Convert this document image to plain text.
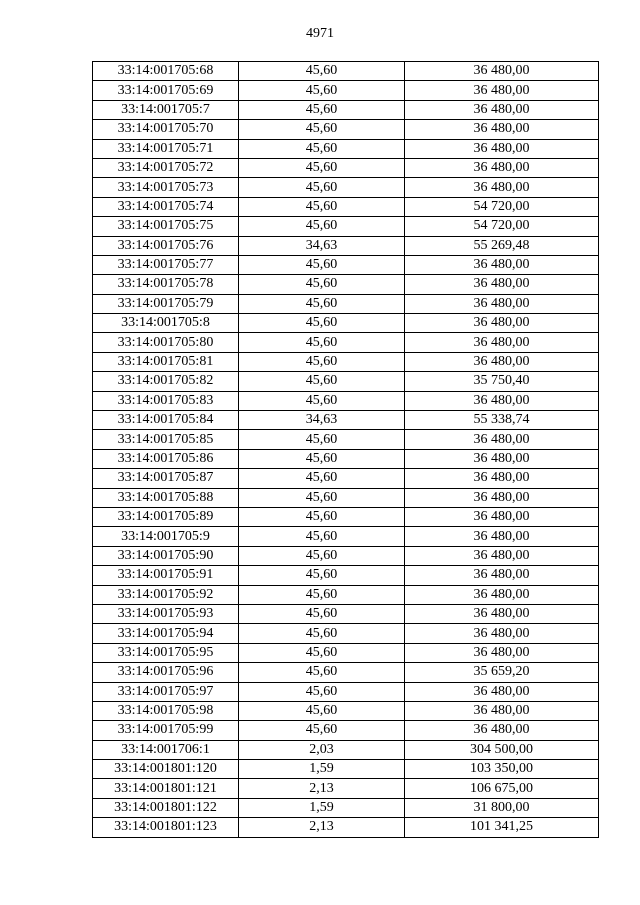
4971
33:14:001705:68	45,60	36 480,00
33:14:001705:69	45,60	36 480,00
33:14:001705:7	45,60	36 480,00
33:14:001705:70	45,60	36 480,00
33:14:001705:71	45,60	36 480,00
33:14:001705:72	45,60	36 480,00
33:14:001705:73	45,60	36 480,00
33:14:001705:74	45,60	54 720,00
33:14:001705:75	45,60	54 720,00
33:14:001705:76	34,63	55 269,48
33:14:001705:77	45,60	36 480,00
33:14:001705:78	45,60	36 480,00
33:14:001705:79	45,60	36 480,00
33:14:001705:8	45,60	36 480,00
33:14:001705:80	45,60	36 480,00
33:14:001705:81	45,60	36 480,00
33:14:001705:82	45,60	35 750,40
33:14:001705:83	45,60	36 480,00
33:14:001705:84	34,63	55 338,74
33:14:001705:85	45,60	36 480,00
33:14:001705:86	45,60	36 480,00
33:14:001705:87	45,60	36 480,00
33:14:001705:88	45,60	36 480,00
33:14:001705:89	45,60	36 480,00
33:14:001705:9	45,60	36 480,00
33:14:001705:90	45,60	36 480,00
33:14:001705:91	45,60	36 480,00
33:14:001705:92	45,60	36 480,00
33:14:001705:93	45,60	36 480,00
33:14:001705:94	45,60	36 480,00
33:14:001705:95	45,60	36 480,00
33:14:001705:96	45,60	35 659,20
33:14:001705:97	45,60	36 480,00
33:14:001705:98	45,60	36 480,00
33:14:001705:99	45,60	36 480,00
33:14:001706:1	2,03	304 500,00
33:14:001801:120	1,59	103 350,00
33:14:001801:121	2,13	106 675,00
33:14:001801:122	1,59	31 800,00
33:14:001801:123	2,13	101 341,25
